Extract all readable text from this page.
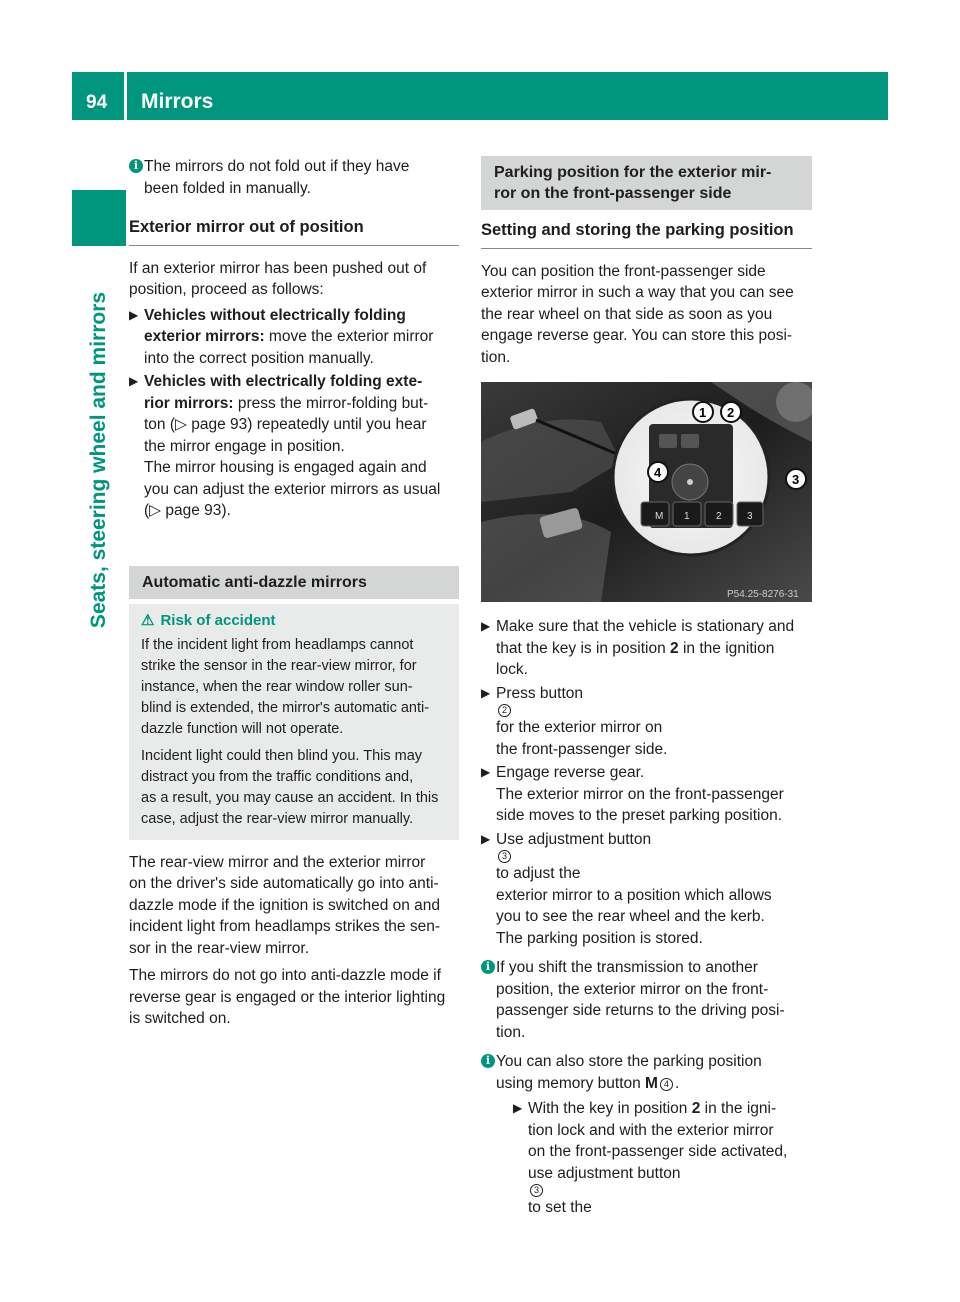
94 Mirrors
Seats, steering wheel and mirrors
i The mirrors do not fold out if they have
been folded in manually.
Exterior mirror out of position
If an exterior mirror has been pushed out of
position, proceed as follows:
▶ Vehicles without electrically folding
exterior mirrors: move the exterior mirror
into the correct position manually.
▶ Vehicles with electrically folding exte-
rior mirrors: press the mirror-folding but-
ton (▷ page 93) repeatedly until you hear
the mirror engage in position.
The mirror housing is engaged again and
you can adjust the exterior mirrors as usual
(▷ page 93).
Automatic anti-dazzle mirrors
⚠ Risk of accident
If the incident light from headlamps cannot
strike the sensor in the rear-view mirror, for
instance, when the rear window roller sun-
blind is extended, the mirror's automatic anti-
dazzle function will not operate.
Incident light could then blind you. This may
distract you from the traffic conditions and,
as a result, you may cause an accident. In this
case, adjust the rear-view mirror manually.
The rear-view mirror and the exterior mirror
on the driver's side automatically go into anti-
dazzle mode if the ignition is switched on and
incident light from headlamps strikes the sen-
sor in the rear-view mirror.
The mirrors do not go into anti-dazzle mode if
reverse gear is engaged or the interior lighting
is switched on.
Parking position for the exterior mir-
ror on the front-passenger side
Setting and storing the parking position
You can position the front-passenger side
exterior mirror in such a way that you can see
the rear wheel on that side as soon as you
engage reverse gear. You can store this posi-
tion.
M 1	2	3
1 2
3
4
P54.25-8276-31
▶ Make sure that the vehicle is stationary and
that the key is in position 2 in the ignition
lock.
▶ Press button
2
for the exterior mirror on
the front-passenger side.
▶ Engage reverse gear.
The exterior mirror on the front-passenger
side moves to the preset parking position.
▶ Use adjustment button
3
to adjust the
exterior mirror to a position which allows
you to see the rear wheel and the kerb.
The parking position is stored.
i If you shift the transmission to another
position, the exterior mirror on the front-
passenger side returns to the driving posi-
tion.
i You can also store the parking position
using memory button M 4 .
▶ With the key in position 2 in the igni-
tion lock and with the exterior mirror
on the front-passenger side activated,
use adjustment button
3
to set the
